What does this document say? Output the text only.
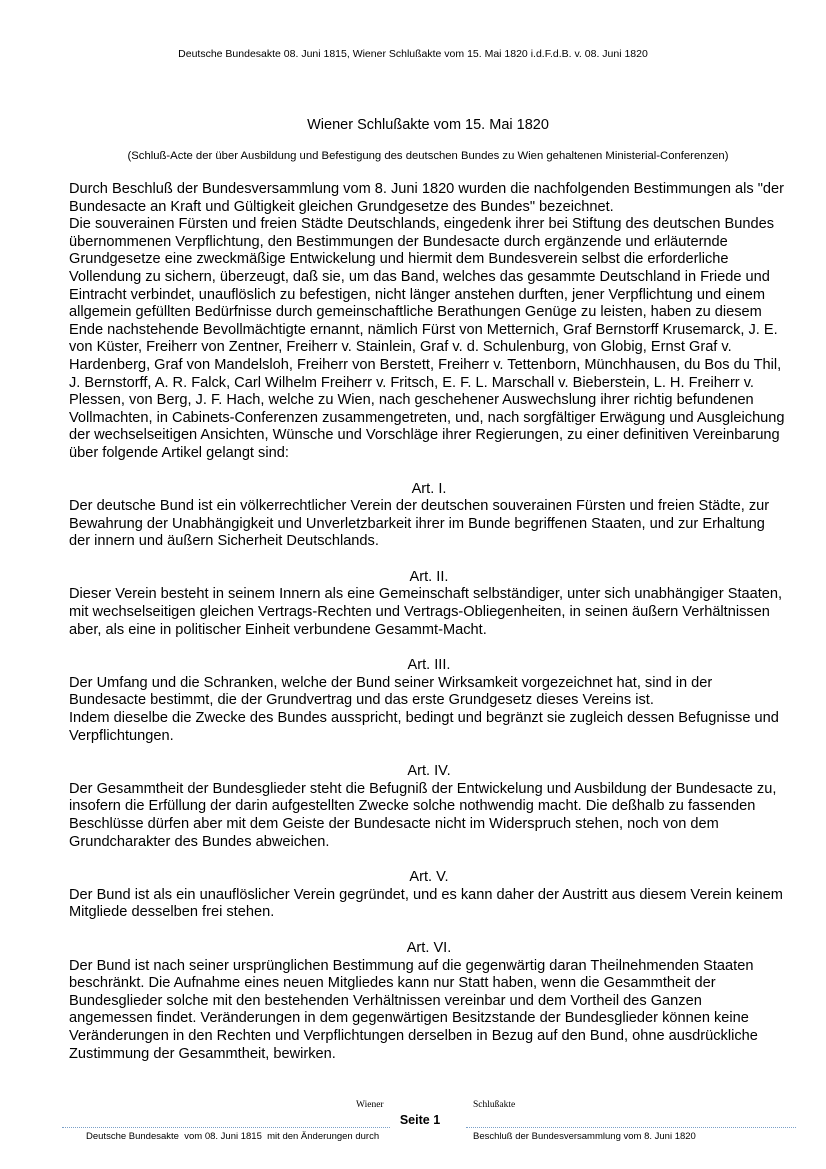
Deutsche Bundesakte 08. Juni 1815, Wiener Schlußakte vom 15. Mai 1820 i.d.F.d.B. v. 08. Juni 1820
Wiener Schlußakte vom 15. Mai 1820
(Schluß-Acte der über Ausbildung und Befestigung des deutschen Bundes zu Wien gehaltenen Ministerial-Conferenzen)

Durch Beschluß der Bundesversammlung vom 8. Juni 1820 wurden die nachfolgenden Bestimmungen als "der Bundesacte an Kraft und Gültigkeit gleichen Grundgesetze des Bundes" bezeichnet.

Die souverainen Fürsten und freien Städte Deutschlands, eingedenk ihrer bei Stiftung des deutschen Bundes übernommenen Verpflichtung, den Bestimmungen der Bundesacte durch ergänzende und erläuternde Grundgesetze eine zweckmäßige Entwickelung und hiermit dem Bundesverein selbst die erforderliche Vollendung zu sichern, überzeugt, daß sie, um das Band, welches das gesammte Deutschland in Friede und Eintracht verbindet, unauflöslich zu befestigen, nicht länger anstehen durften, jener Verpflichtung und einem allgemein gefüllten Bedürfnisse durch gemeinschaftliche Berathungen Genüge zu leisten, haben zu diesem Ende nachstehende Bevollmächtigte ernannt, nämlich Fürst von Metternich, Graf Bernstorff Krusemarck, J. E. von Küster, Freiherr von Zentner, Freiherr v. Stainlein, Graf v. d. Schulenburg, von Globig, Ernst Graf v. Hardenberg, Graf von Mandelsloh, Freiherr von Berstett, Freiherr v. Tettenborn, Münchhausen, du Bos du Thil, J. Bernstorff, A. R. Falck, Carl Wilhelm Freiherr v. Fritsch, E. F. L. Marschall v. Bieberstein, L. H. Freiherr v. Plessen, von Berg, J. F. Hach, welche zu Wien, nach geschehener Auswechslung ihrer richtig befundenen Vollmachten, in Cabinets-Conferenzen zusammengetreten, und, nach sorgfältiger Erwägung und Ausgleichung der wechselseitigen Ansichten, Wünsche und Vorschläge ihrer Regierungen, zu einer definitiven Vereinbarung über folgende Artikel gelangt sind:

Art. I.

Der deutsche Bund ist ein völkerrechtlicher Verein der deutschen souverainen Fürsten und freien Städte, zur Bewahrung der Unabhängigkeit und Unverletzbarkeit ihrer im Bunde begriffenen Staaten, und zur Erhaltung der innern und äußern Sicherheit Deutschlands.

Art. II.

Dieser Verein besteht in seinem Innern als eine Gemeinschaft selbständiger, unter sich unabhängiger Staaten, mit wechselseitigen gleichen Vertrags-Rechten und Vertrags-Obliegenheiten, in seinen äußern Verhältnissen aber, als eine in politischer Einheit verbundene Gesammt-Macht.

Art. III.

Der Umfang und die Schranken, welche der Bund seiner Wirksamkeit vorgezeichnet hat, sind in der Bundesacte bestimmt, die der Grundvertrag und das erste Grundgesetz dieses Vereins ist.

Indem dieselbe die Zwecke des Bundes ausspricht, bedingt und begränzt sie zugleich dessen Befugnisse und Verpflichtungen.

Art. IV.

Der Gesammtheit der Bundesglieder steht die Befugniß der Entwickelung und Ausbildung der Bundesacte zu, insofern die Erfüllung der darin aufgestellten Zwecke solche nothwendig macht. Die deßhalb zu fassenden Beschlüsse dürfen aber mit dem Geiste der Bundesacte nicht im Widerspruch stehen, noch von dem Grundcharakter des Bundes abweichen.

Art. V.

Der Bund ist als ein unauflöslicher Verein gegründet, und es kann daher der Austritt aus diesem Verein keinem Mitgliede desselben frei stehen.

Art. VI.

Der Bund ist nach seiner ursprünglichen Bestimmung auf die gegenwärtig daran Theilnehmenden Staaten beschränkt. Die Aufnahme eines neuen Mitgliedes kann nur Statt haben, wenn die Gesammtheit der Bundesglieder solche mit den bestehenden Verhältnissen vereinbar und dem Vortheil des Ganzen angemessen findet. Veränderungen in dem gegenwärtigen Besitzstande der Bundesglieder können keine Veränderungen in den Rechten und Verpflichtungen derselben in Bezug auf den Bund, ohne ausdrückliche Zustimmung der Gesammtheit, bewirken.

Wiener	Schlußakte
Seite 1
Deutsche Bundesakte  vom 08. Juni 1815  mit den Änderungen durch	Beschluß der Bundesversammlung vom 8. Juni 1820
